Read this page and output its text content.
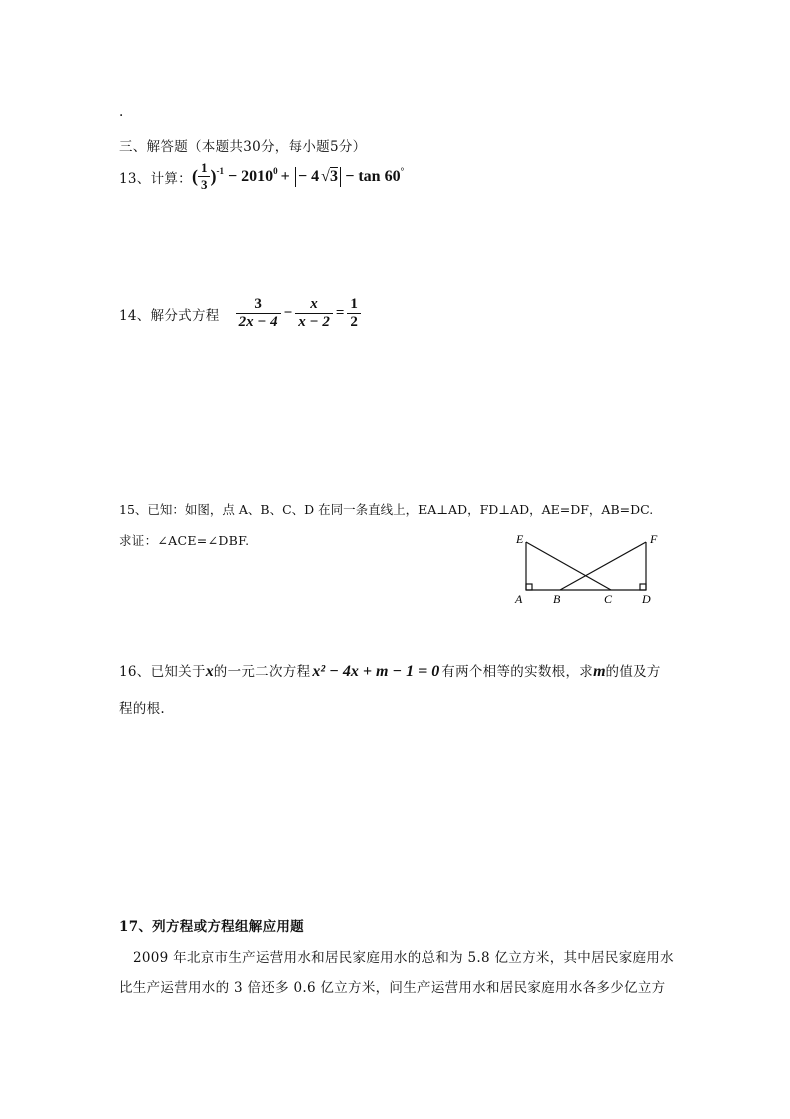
.
三、解答题（本题共30分，每小题5分）
13、计算： ( $\frac{1}{3} )^{-1} - 2010^0$ + − 4 √ 3 − tan 60°
14、解分式方程 $\frac{3}{2x - 4} - \frac{x}{x - 2} = \frac{1}{2}$
15、已知：如图，点 A、B、C、D 在同一条直线上，EA⊥AD，FD⊥AD，AE=DF，AB=DC.
求证：∠ACE=∠DBF.	E	F
A	B	C D
16、已知关于 x 的一元二次方程 x² − 4x + m − 1 = 0 有两个相等的实数根，求 m 的值及方
程的根.
17、列方程或方程组解应用题
2009 年北京市生产运营用水和居民家庭用水的总和为 5.8 亿立方米，其中居民家庭用水
比生产运营用水的 3 倍还多 0.6 亿立方米，问生产运营用水和居民家庭用水各多少亿立方
